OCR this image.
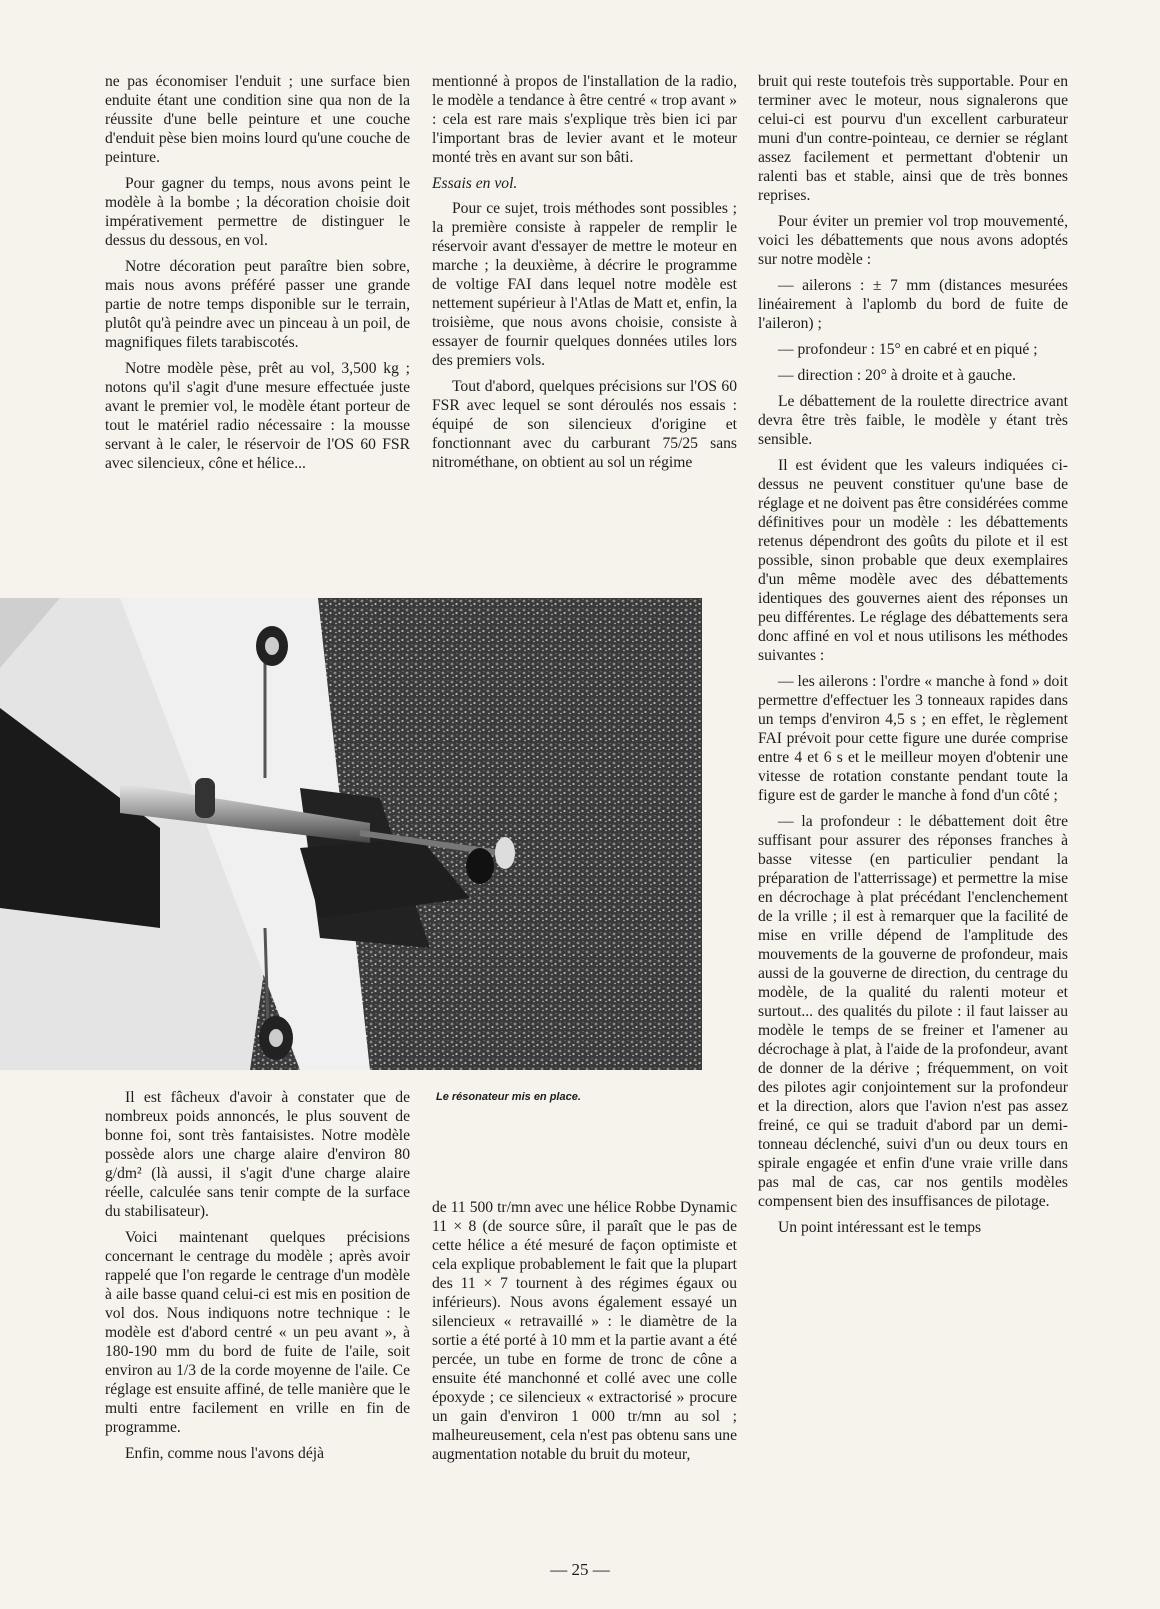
ne pas économiser l'enduit ; une surface bien enduite étant une condition sine qua non de la réussite d'une belle peinture et une couche d'enduit pèse bien moins lourd qu'une couche de peinture.

Pour gagner du temps, nous avons peint le modèle à la bombe ; la décoration choisie doit impérativement permettre de distinguer le dessus du dessous, en vol.

Notre décoration peut paraître bien sobre, mais nous avons préféré passer une grande partie de notre temps disponible sur le terrain, plutôt qu'à peindre avec un pinceau à un poil, de magnifiques filets tarabiscotés.

Notre modèle pèse, prêt au vol, 3,500 kg ; notons qu'il s'agit d'une mesure effectuée juste avant le premier vol, le modèle étant porteur de tout le matériel radio nécessaire : la mousse servant à le caler, le réservoir de l'OS 60 FSR avec silencieux, cône et hélice...

mentionné à propos de l'installation de la radio, le modèle a tendance à être centré « trop avant » : cela est rare mais s'explique très bien ici par l'important bras de levier avant et le moteur monté très en avant sur son bâti.

Essais en vol.

Pour ce sujet, trois méthodes sont possibles ; la première consiste à rappeler de remplir le réservoir avant d'essayer de mettre le moteur en marche ; la deuxième, à décrire le programme de voltige FAI dans lequel notre modèle est nettement supérieur à l'Atlas de Matt et, enfin, la troisième, que nous avons choisie, consiste à essayer de fournir quelques données utiles lors des premiers vols.

Tout d'abord, quelques précisions sur l'OS 60 FSR avec lequel se sont déroulés nos essais : équipé de son silencieux d'origine et fonctionnant avec du carburant 75/25 sans nitrométhane, on obtient au sol un régime

bruit qui reste toutefois très supportable. Pour en terminer avec le moteur, nous signalerons que celui-ci est pourvu d'un excellent carburateur muni d'un contre-pointeau, ce dernier se réglant assez facilement et permettant d'obtenir un ralenti bas et stable, ainsi que de très bonnes reprises.

Pour éviter un premier vol trop mouvementé, voici les débattements que nous avons adoptés sur notre modèle :

— ailerons : ± 7 mm (distances mesurées linéairement à l'aplomb du bord de fuite de l'aileron) ;

— profondeur : 15° en cabré et en piqué ;

— direction : 20° à droite et à gauche.

Le débattement de la roulette directrice avant devra être très faible, le modèle y étant très sensible.

Il est évident que les valeurs indiquées ci-dessus ne peuvent constituer qu'une base de réglage et ne doivent pas être considérées comme définitives pour un modèle : les débattements retenus dépendront des goûts du pilote et il est possible, sinon probable que deux exemplaires d'un même modèle avec des débattements identiques des gouvernes aient des réponses un peu différentes. Le réglage des débattements sera donc affiné en vol et nous utilisons les méthodes suivantes :

— les ailerons : l'ordre « manche à fond » doit permettre d'effectuer les 3 tonneaux rapides dans un temps d'environ 4,5 s ; en effet, le règlement FAI prévoit pour cette figure une durée comprise entre 4 et 6 s et le meilleur moyen d'obtenir une vitesse de rotation constante pendant toute la figure est de garder le manche à fond d'un côté ;

— la profondeur : le débattement doit être suffisant pour assurer des réponses franches à basse vitesse (en particulier pendant la préparation de l'atterrissage) et permettre la mise en décrochage à plat précédant l'enclenchement de la vrille ; il est à remarquer que la facilité de mise en vrille dépend de l'amplitude des mouvements de la gouverne de profondeur, mais aussi de la gouverne de direction, du centrage du modèle, de la qualité du ralenti moteur et surtout... des qualités du pilote : il faut laisser au modèle le temps de se freiner et l'amener au décrochage à plat, à l'aide de la profondeur, avant de donner de la dérive ; fréquemment, on voit des pilotes agir conjointement sur la profondeur et la direction, alors que l'avion n'est pas assez freiné, ce qui se traduit d'abord par un demi-tonneau déclenché, suivi d'un ou deux tours en spirale engagée et enfin d'une vraie vrille dans pas mal de cas, car nos gentils modèles compensent bien des insuffisances de pilotage.

Un point intéressant est le temps

Le résonateur mis en place.

Il est fâcheux d'avoir à constater que de nombreux poids annoncés, le plus souvent de bonne foi, sont très fantaisistes. Notre modèle possède alors une charge alaire d'environ 80 g/dm² (là aussi, il s'agit d'une charge alaire réelle, calculée sans tenir compte de la surface du stabilisateur).

Voici maintenant quelques précisions concernant le centrage du modèle ; après avoir rappelé que l'on regarde le centrage d'un modèle à aile basse quand celui-ci est mis en position de vol dos. Nous indiquons notre technique : le modèle est d'abord centré « un peu avant », à 180-190 mm du bord de fuite de l'aile, soit environ au 1/3 de la corde moyenne de l'aile. Ce réglage est ensuite affiné, de telle manière que le multi entre facilement en vrille en fin de programme.

Enfin, comme nous l'avons déjà

de 11 500 tr/mn avec une hélice Robbe Dynamic 11 × 8 (de source sûre, il paraît que le pas de cette hélice a été mesuré de façon optimiste et cela explique probablement le fait que la plupart des 11 × 7 tournent à des régimes égaux ou inférieurs). Nous avons également essayé un silencieux « retravaillé » : le diamètre de la sortie a été porté à 10 mm et la partie avant a été percée, un tube en forme de tronc de cône a ensuite été manchonné et collé avec une colle époxyde ; ce silencieux « extractorisé » procure un gain d'environ 1 000 tr/mn au sol ; malheureusement, cela n'est pas obtenu sans une augmentation notable du bruit du moteur,

— 25 —
